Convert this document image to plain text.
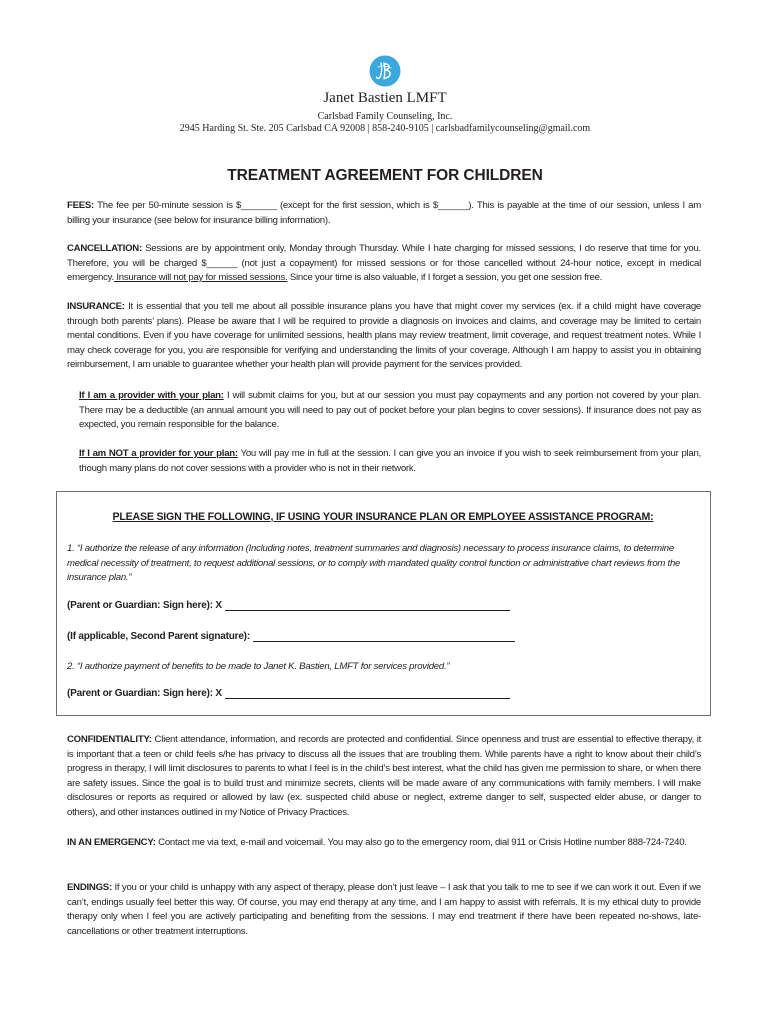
Janet Bastien LMFT
Carlsbad Family Counseling, Inc.
2945 Harding St. Ste. 205 Carlsbad CA 92008 | 858-240-9105 | carlsbadfamilycounseling@gmail.com
TREATMENT AGREEMENT FOR CHILDREN

FEES: The fee per 50-minute session is $_______ (except for the first session, which is $______). This is payable at the time of our session, unless I am billing your insurance (see below for insurance billing information).

CANCELLATION: Sessions are by appointment only, Monday through Thursday. While I hate charging for missed sessions, I do reserve that time for you. Therefore, you will be charged $______ (not just a copayment) for missed sessions or for those cancelled without 24-hour notice, except in medical emergency. Insurance will not pay for missed sessions. Since your time is also valuable, if I forget a session, you get one session free.

INSURANCE: It is essential that you tell me about all possible insurance plans you have that might cover my services (ex. if a child might have coverage through both parents’ plans). Please be aware that I will be required to provide a diagnosis on invoices and claims, and coverage may be limited to certain mental conditions. Even if you have coverage for unlimited sessions, health plans may review treatment, limit coverage, and request treatment notes. While I may check coverage for you, you are responsible for verifying and understanding the limits of your coverage. Although I am happy to assist you in obtaining reimbursement, I am unable to guarantee whether your health plan will provide payment for the services provided.

If I am a provider with your plan: I will submit claims for you, but at our session you must pay copayments and any portion not covered by your plan. There may be a deductible (an annual amount you will need to pay out of pocket before your plan begins to cover sessions). If insurance does not pay as expected, you remain responsible for the balance.

If I am NOT a provider for your plan: You will pay me in full at the session. I can give you an invoice if you wish to seek reimbursement from your plan, though many plans do not cover sessions with a provider who is not in their network.

PLEASE SIGN THE FOLLOWING, IF USING YOUR INSURANCE PLAN OR EMPLOYEE ASSISTANCE PROGRAM:
1. “I authorize the release of any information (Including notes, treatment summaries and diagnosis) necessary to process insurance claims, to determine medical necessity of treatment, to request additional sessions, or to comply with mandated quality control function or administrative chart reviews from the insurance plan.”
(Parent or Guardian: Sign here): X
(If applicable, Second Parent signature):
2. “I authorize payment of benefits to be made to Janet K. Bastien, LMFT for services provided.”
(Parent or Guardian: Sign here): X

CONFIDENTIALITY: Client attendance, information, and records are protected and confidential. Since openness and trust are essential to effective therapy, it is important that a teen or child feels s/he has privacy to discuss all the issues that are troubling them. While parents have a right to know about their child’s progress in therapy, I will limit disclosures to parents to what I feel is in the child’s best interest, what the child has given me permission to share, or when there are safety issues. Since the goal is to build trust and minimize secrets, clients will be made aware of any communications with family members. I will make disclosures or reports as required or allowed by law (ex. suspected child abuse or neglect, extreme danger to self, suspected elder abuse, or danger to others), and other instances outlined in my Notice of Privacy Practices.

IN AN EMERGENCY: Contact me via text, e-mail and voicemail. You may also go to the emergency room, dial 911 or Crisis Hotline number 888-724-7240.

ENDINGS: If you or your child is unhappy with any aspect of therapy, please don’t just leave – I ask that you talk to me to see if we can work it out. Even if we can’t, endings usually feel better this way. Of course, you may end therapy at any time, and I am happy to assist with referrals. It is my ethical duty to provide therapy only when I feel you are actively participating and benefiting from the sessions. I may end treatment if there have been repeated no-shows, late-cancellations or other treatment interruptions.
